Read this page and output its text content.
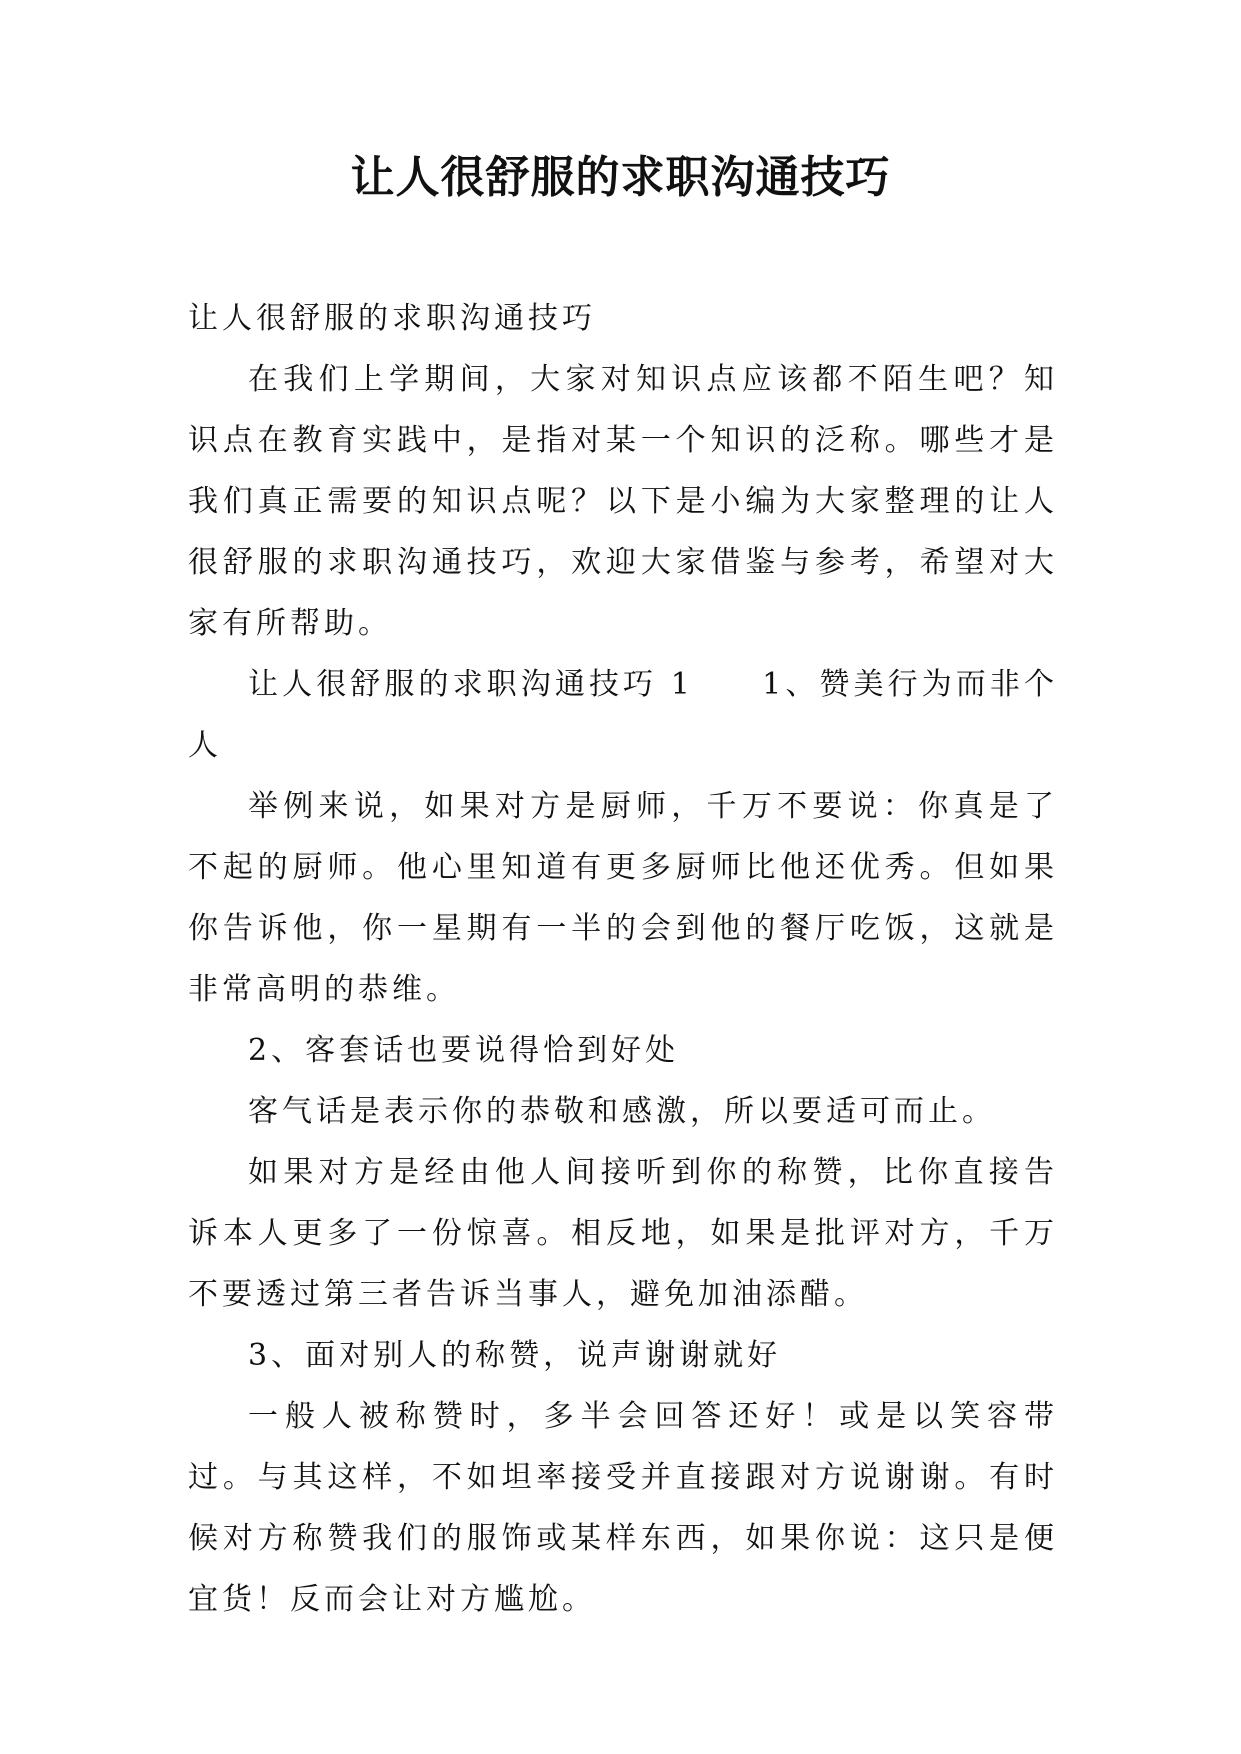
让人很舒服的求职沟通技巧

让人很舒服的求职沟通技巧

在我们上学期间，大家对知识点应该都不陌生吧？知识点在教育实践中，是指对某一个知识的泛称。哪些才是我们真正需要的知识点呢？以下是小编为大家整理的让人很舒服的求职沟通技巧，欢迎大家借鉴与参考，希望对大家有所帮助。

让人很舒服的求职沟通技巧 1　　1、赞美行为而非个人

举例来说，如果对方是厨师，千万不要说：你真是了不起的厨师。他心里知道有更多厨师比他还优秀。但如果你告诉他，你一星期有一半的会到他的餐厅吃饭，这就是非常高明的恭维。

2、客套话也要说得恰到好处

客气话是表示你的恭敬和感激，所以要适可而止。

如果对方是经由他人间接听到你的称赞，比你直接告诉本人更多了一份惊喜。相反地，如果是批评对方，千万不要透过第三者告诉当事人，避免加油添醋。

3、面对别人的称赞，说声谢谢就好

一般人被称赞时，多半会回答还好！或是以笑容带过。与其这样，不如坦率接受并直接跟对方说谢谢。有时候对方称赞我们的服饰或某样东西，如果你说：这只是便宜货！反而会让对方尴尬。
